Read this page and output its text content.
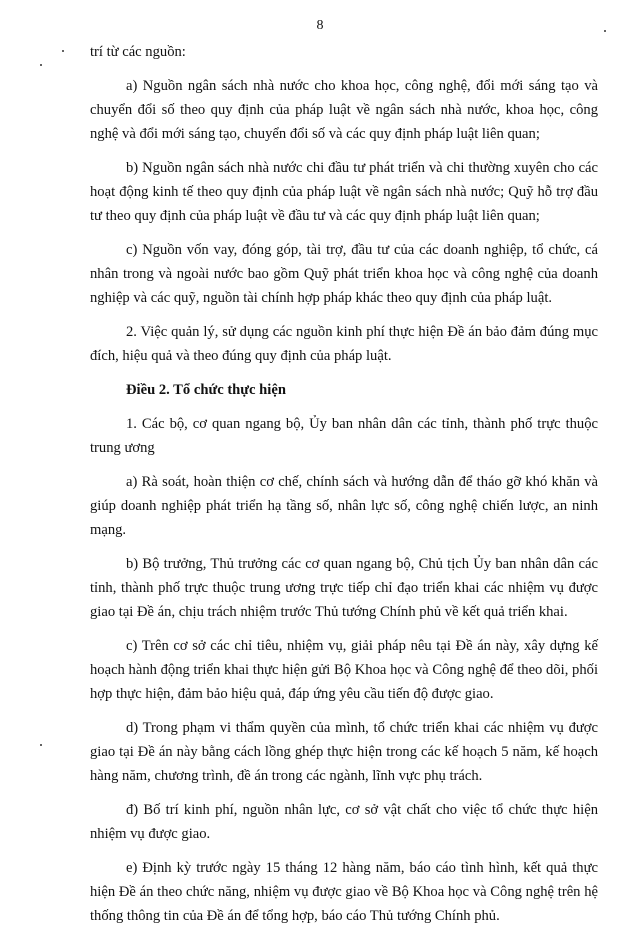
8

trí từ các nguồn:

a) Nguồn ngân sách nhà nước cho khoa học, công nghệ, đổi mới sáng tạo và chuyển đổi số theo quy định của pháp luật về ngân sách nhà nước, khoa học, công nghệ và đổi mới sáng tạo, chuyển đổi số và các quy định pháp luật liên quan;

b) Nguồn ngân sách nhà nước chi đầu tư phát triển và chi thường xuyên cho các hoạt động kinh tế theo quy định của pháp luật về ngân sách nhà nước; Quỹ hỗ trợ đầu tư theo quy định của pháp luật về đầu tư và các quy định pháp luật liên quan;

c) Nguồn vốn vay, đóng góp, tài trợ, đầu tư của các doanh nghiệp, tổ chức, cá nhân trong và ngoài nước bao gồm Quỹ phát triển khoa học và công nghệ của doanh nghiệp và các quỹ, nguồn tài chính hợp pháp khác theo quy định của pháp luật.

2. Việc quản lý, sử dụng các nguồn kinh phí thực hiện Đề án bảo đảm đúng mục đích, hiệu quả và theo đúng quy định của pháp luật.

Điều 2. Tổ chức thực hiện

1. Các bộ, cơ quan ngang bộ, Ủy ban nhân dân các tỉnh, thành phố trực thuộc trung ương

a) Rà soát, hoàn thiện cơ chế, chính sách và hướng dẫn để tháo gỡ khó khăn và giúp doanh nghiệp phát triển hạ tầng số, nhân lực số, công nghệ chiến lược, an ninh mạng.

b) Bộ trưởng, Thủ trưởng các cơ quan ngang bộ, Chủ tịch Ủy ban nhân dân các tỉnh, thành phố trực thuộc trung ương trực tiếp chỉ đạo triển khai các nhiệm vụ được giao tại Đề án, chịu trách nhiệm trước Thủ tướng Chính phủ về kết quả triển khai.

c) Trên cơ sở các chỉ tiêu, nhiệm vụ, giải pháp nêu tại Đề án này, xây dựng kế hoạch hành động triển khai thực hiện gửi Bộ Khoa học và Công nghệ để theo dõi, phối hợp thực hiện, đảm bảo hiệu quả, đáp ứng yêu cầu tiến độ được giao.

d) Trong phạm vi thẩm quyền của mình, tổ chức triển khai các nhiệm vụ được giao tại Đề án này bằng cách lồng ghép thực hiện trong các kế hoạch 5 năm, kế hoạch hàng năm, chương trình, đề án trong các ngành, lĩnh vực phụ trách.

đ) Bố trí kinh phí, nguồn nhân lực, cơ sở vật chất cho việc tổ chức thực hiện nhiệm vụ được giao.

e) Định kỳ trước ngày 15 tháng 12 hàng năm, báo cáo tình hình, kết quả thực hiện Đề án theo chức năng, nhiệm vụ được giao về Bộ Khoa học và Công nghệ trên hệ thống thông tin của Đề án để tổng hợp, báo cáo Thủ tướng Chính phủ.
